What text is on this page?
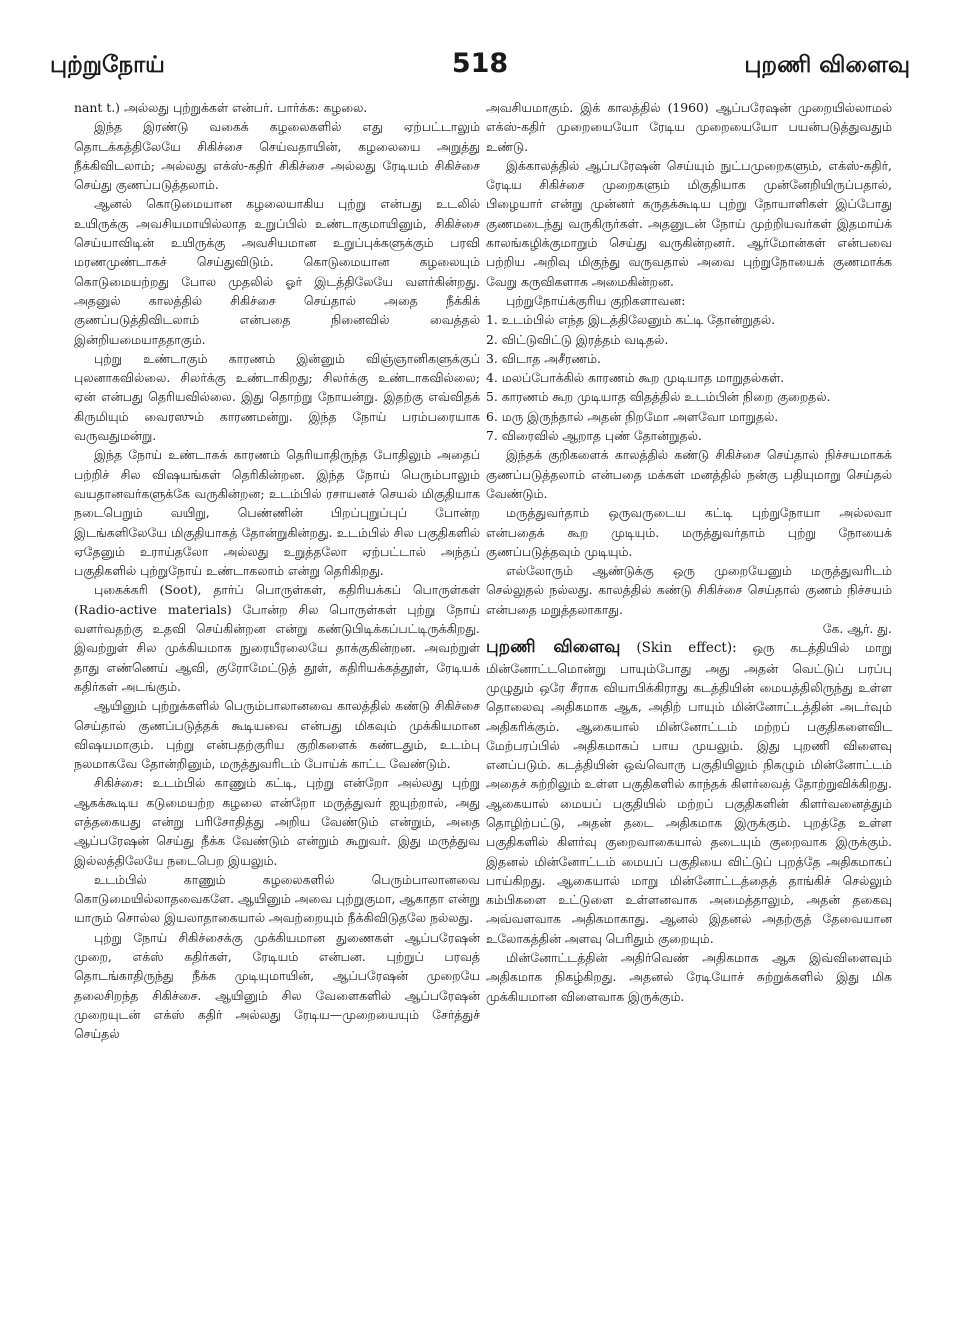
புற்றுநோய்	518	புறணி விளைவு

nant t.) அல்லது புற்றுக்கள் என்பர். பார்க்க: கழலை.

இந்த இரண்டு வகைக் கழலைகளில் எது ஏற்பட்டாலும் தொடக்கத்திலேயே சிகிச்சை செய்வதாயின், கழலையை அறுத்து நீக்கிவிடலாம்; அல்லது எக்ஸ்-கதிர் சிகிச்சை அல்லது ரேடியம் சிகிச்சை செய்து குணப்படுத்தலாம்.

ஆனல் கொடுமையான கழலையாகிய புற்று என்பது உடலில் உயிருக்கு அவசியமாயில்லாத உறுப்பில் உண்டாகுமாயினும், சிகிச்சை செய்யாவிடின் உயிருக்கு அவசியமான உறுப்புக்களுக்கும் பரவி மரணமுண்டாகச் செய்துவிடும். கொடுமையான கழலையும் கொடுமையற்றது போல முதலில் ஓர் இடத்திலேயே வளர்கின்றது. அதனுல் காலத்தில் சிகிச்சை செய்தால் அதை நீக்கிக் குணப்படுத்திவிடலாம் என்பதை நினைவில் வைத்தல் இன்றியமையாததாகும்.

புற்று உண்டாகும் காரணம் இன்னும் விஞ்ஞானிகளுக்குப் புலனாகவில்லை. சிலர்க்கு உண்டாகிறது; சிலர்க்கு உண்டாகவில்லை; ஏன் என்பது தெரியவில்லை. இது தொற்று நோயன்று. இதற்கு எவ்விதக் கிருமியும் வைரஸும் காரணமன்று. இந்த நோய் பரம்பரையாக வருவதுமன்று.

இந்த நோய் உண்டாகக் காரணம் தெரியாதிருந்த போதிலும் அதைப் பற்றிச் சில விஷயங்கள் தெரிகின்றன. இந்த நோய் பெரும்பாலும் வயதானவர்களுக்கே வருகின்றன; உடம்பில் ரசாயனச் செயல் மிகுதியாக நடைபெறும் வயிறு, பெண்ணின் பிறப்புறுப்புப் போன்ற இடங்களிலேயே மிகுதியாகத் தோன்றுகின்றது. உடம்பில் சில பகுதிகளில் ஏதேனும் உராய்தலோ அல்லது உறுத்தலோ ஏற்பட்டால் அந்தப் பகுதிகளில் புற்றுநோய் உண்டாகலாம் என்று தெரிகிறது.

புகைக்கரி (Soot), தார்ப் பொருள்கள், கதிரியக்கப் பொருள்கள் (Radio-active materials) போன்ற சில பொருள்கள் புற்று நோய் வளர்வதற்கு உதவி செய்கின்றன என்று கண்டுபிடிக்கப்பட்டிருக்கிறது. இவற்றுள் சில முக்கியமாக நுரையீரலையே தாக்குகின்றன. அவற்றுள் தாது எண்ணெய் ஆவி, குரோமேட்டுத் தூள், கதிரியக்கத்தூள், ரேடியக் கதிர்கள் அடங்கும்.

ஆயினும் புற்றுக்களில் பெரும்பாலானவை காலத்தில் கண்டு சிகிச்சை செய்தால் குணப்படுத்தக் கூடியவை என்பது மிகவும் முக்கியமான விஷயமாகும். புற்று என்பதற்குரிய குறிகளைக் கண்டதும், உடம்பு நலமாகவே தோன்றினும், மருத்துவரிடம் போய்க் காட்ட வேண்டும்.

சிகிச்சை: உடம்பில் காணும் கட்டி, புற்று என்றோ அல்லது புற்று ஆகக்கூடிய கடுமையற்ற கழலை என்றோ மருத்துவர் ஐயுற்றால், அது எத்தகையது என்று பரிசோதித்து அறிய வேண்டும் என்றும், அதை ஆப்பரேஷன் செய்து நீக்க வேண்டும் என்றும் கூறுவர். இது மருத்துவ இல்லத்திலேயே நடைபெற இயலும்.

உடம்பில் காணும் கழலைகளில் பெரும்பாலானவை கொடுமையில்லாதவைகளே. ஆயினும் அவை புற்றுகுமா, ஆகாதா என்று யாரும் சொல்ல இயலாதாகையால் அவற்றையும் நீக்கிவிடுதலே நல்லது.

புற்று நோய் சிகிச்சைக்கு முக்கியமான துணைகள் ஆப்பரேஷன் முறை, எக்ஸ் கதிர்கள், ரேடியம் என்பன. புற்றுப் பரவத் தொடங்காதிருந்து நீக்க முடியுமாயின், ஆப்பரேஷன் முறையே தலைசிறந்த சிகிச்சை. ஆயினும் சில வேளைகளில் ஆப்பரேஷன் முறையுடன் எக்ஸ் கதிர் அல்லது ரேடிய—முறையையும் சேர்த்துச் செய்தல்

அவசியமாகும். இக் காலத்தில் (1960) ஆப்பரேஷன் முறையில்லாமல் எக்ஸ்-கதிர் முறையையோ ரேடிய முறையையோ பயன்படுத்துவதும் உண்டு.

இக்காலத்தில் ஆப்பரேஷன் செய்யும் நுட்பமுறைகளும், எக்ஸ்-கதிர், ரேடிய சிகிச்சை முறைகளும் மிகுதியாக முன்னேறியிருப்பதால், பிழையார் என்று முன்னர் கருதக்கூடிய புற்று நோயாளிகள் இப்போது குணமடைந்து வருகிருர்கள். அதனுடன் நோய் முற்றியவர்கள் இதமாய்க் காலங்கழிக்குமாறும் செய்து வருகின்றனர். ஆர்மோன்கள் என்பவை பற்றிய அறிவு மிகுந்து வருவதால் அவை புற்றுநோயைக் குணமாக்க வேறு கருவிகளாக அமைகின்றன.

புற்றுநோய்க்குரிய குறிகளாவன:

1. உடம்பில் எந்த இடத்திலேனும் கட்டி தோன்றுதல்.

2. விட்டுவிட்டு இரத்தம் வடிதல்.

3. விடாத அசீரணம்.

4. மலப்போக்கில் காரணம் கூற முடியாத மாறுதல்கள்.

5. காரணம் கூற முடியாத விதத்தில் உடம்பின் நிறை குறைதல்.

6. மரு இருந்தால் அதன் நிறமோ அளவோ மாறுதல்.

7. விரைவில் ஆறாத புண் தோன்றுதல்.

இந்தக் குறிகளைக் காலத்தில் கண்டு சிகிச்சை செய்தால் நிச்சயமாகக் குணப்படுத்தலாம் என்பதை மக்கள் மனத்தில் நன்கு பதியுமாறு செய்தல் வேண்டும்.

மருத்துவர்தாம் ஒருவருடைய கட்டி புற்றுநோயா அல்லவா என்பதைக் கூற முடியும். மருத்துவர்தாம் புற்று நோயைக் குணப்படுத்தவும் முடியும்.

எல்லோரும் ஆண்டுக்கு ஒரு முறையேனும் மருத்துவரிடம் செல்லுதல் நல்லது. காலத்தில் கண்டு சிகிச்சை செய்தால் குணம் நிச்சயம் என்பதை மறுத்தலாகாது.

கே. ஆர். து.

புறணி விளைவு (Skin effect): ஒரு கடத்தியில் மாறு மின்னோட்டமொன்று பாயும்போது அது அதன் வெட்டுப் பரப்பு முழுதும் ஒரே சீராக வியாபிக்கிராது கடத்தியின் மையத்திலிருந்து உள்ள தொலைவு அதிகமாக ஆக, அதிற் பாயும் மின்னோட்டத்தின் அடர்வும் அதிகரிக்கும். ஆகையால் மின்னோட்டம் மற்றப் பகுதிகளைவிட மேற்பரப்பில் அதிகமாகப் பாய முயலும். இது புறணி விளைவு எனப்படும். கடத்தியின் ஒவ்வொரு பகுதியிலும் நிகழும் மின்னோட்டம் அதைச் சுற்றிலும் உள்ள பகுதிகளில் காந்தக் கிளர்வைத் தோற்றுவிக்கிறது. ஆகையால் மையப் பகுதியில் மற்றப் பகுதிகளின் கிளர்வனைத்தும் தொழிற்பட்டு, அதன் தடை அதிகமாக இருக்கும். புறத்தே உள்ள பகுதிகளில் கிளர்வு குறைவாகையால் தடையும் குறைவாக இருக்கும். இதனல் மின்னோட்டம் மையப் பகுதியை விட்டுப் புறத்தே அதிகமாகப் பாய்கிறது. ஆகையால் மாறு மின்னோட்டத்தைத் தாங்கிச் செல்லும் கம்பிகளை உட்டுளை உள்ளனவாக அமைத்தாலும், அதன் தகைவு அவ்வளவாக அதிகமாகாது. ஆனல் இதனல் அதற்குத் தேவையான உலோகத்தின் அளவு பெரிதும் குறையும்.

மின்னோட்டத்தின் அதிர்வெண் அதிகமாக ஆக இவ்விளைவும் அதிகமாக நிகழ்கிறது. அதனல் ரேடியோச் சுற்றுக்களில் இது மிக முக்கியமான விளைவாக இருக்கும்.
